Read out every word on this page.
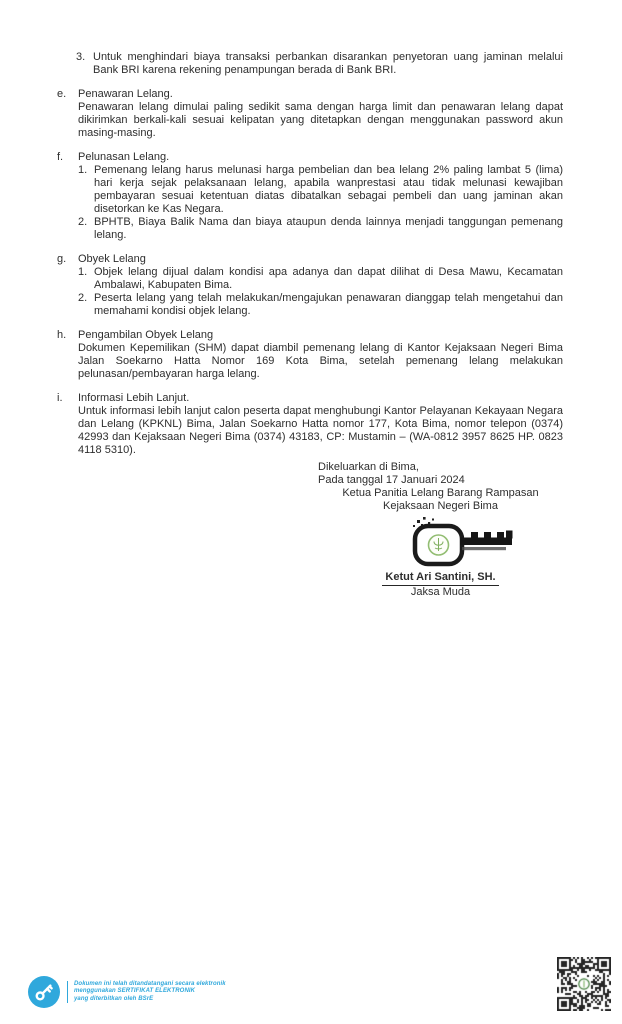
3. Untuk menghindari biaya transaksi perbankan disarankan penyetoran uang jaminan melalui Bank BRI karena rekening penampungan berada di Bank BRI.
e.	Penawaran Lelang.

Penawaran lelang dimulai paling sedikit sama dengan harga limit dan penawaran lelang dapat dikirimkan berkali-kali sesuai kelipatan yang ditetapkan dengan menggunakan password akun masing-masing.

f.	Pelunasan Lelang.
1. Pemenang lelang harus melunasi harga pembelian dan bea lelang 2% paling lambat 5 (lima) hari kerja sejak pelaksanaan lelang, apabila wanprestasi atau tidak melunasi kewajiban pembayaran sesuai ketentuan diatas dibatalkan sebagai pembeli dan uang jaminan akan disetorkan ke Kas Negara.
2. BPHTB, Biaya Balik Nama dan biaya ataupun denda lainnya menjadi tanggungan pemenang lelang.
g.	Obyek Lelang
1. Objek lelang dijual dalam kondisi apa adanya dan dapat dilihat di Desa Mawu, Kecamatan Ambalawi, Kabupaten Bima.
2. Peserta lelang yang telah melakukan/mengajukan penawaran dianggap telah mengetahui dan memahami kondisi objek lelang.
h.	Pengambilan Obyek Lelang

Dokumen Kepemilikan (SHM) dapat diambil pemenang lelang di Kantor Kejaksaan Negeri Bima Jalan Soekarno Hatta Nomor 169 Kota Bima, setelah pemenang lelang melakukan pelunasan/pembayaran harga lelang.

i.	Informasi Lebih Lanjut.

Untuk informasi lebih lanjut calon peserta dapat menghubungi Kantor Pelayanan Kekayaan Negara dan Lelang (KPKNL) Bima, Jalan Soekarno Hatta nomor 177, Kota Bima, nomor telepon (0374) 42993 dan Kejaksaan Negeri Bima (0374) 43183, CP: Mustamin – (WA-0812 3957 8625 HP. 0823 4118 5310).

Dikeluarkan di Bima,
Pada tanggal 17 Januari 2024
Ketua Panitia Lelang Barang Rampasan
Kejaksaan Negeri Bima
Ketut Ari Santini, SH.
Jaksa Muda
Dokumen ini telah ditandatangani secara elektronik
menggunakan SERTIFIKAT ELEKTRONIK
yang diterbitkan oleh BSrE
